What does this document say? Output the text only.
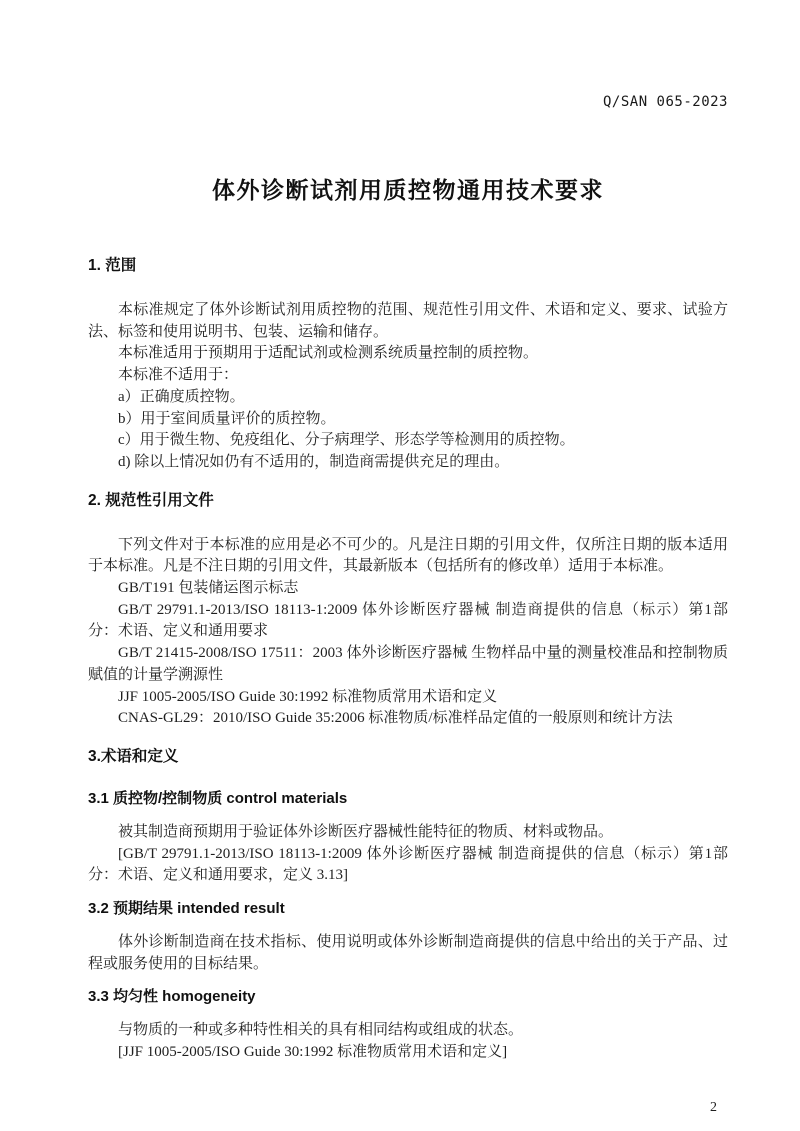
Q/SAN 065-2023
体外诊断试剂用质控物通用技术要求
1. 范围

本标准规定了体外诊断试剂用质控物的范围、规范性引用文件、术语和定义、要求、试验方法、标签和使用说明书、包装、运输和储存。

本标准适用于预期用于适配试剂或检测系统质量控制的质控物。

本标准不适用于：

a）正确度质控物。

b）用于室间质量评价的质控物。

c）用于微生物、免疫组化、分子病理学、形态学等检测用的质控物。

d) 除以上情况如仍有不适用的，制造商需提供充足的理由。

2. 规范性引用文件

下列文件对于本标准的应用是必不可少的。凡是注日期的引用文件，仅所注日期的版本适用于本标准。凡是不注日期的引用文件，其最新版本（包括所有的修改单）适用于本标准。

GB/T191 包装储运图示标志

GB/T 29791.1-2013/ISO 18113-1:2009 体外诊断医疗器械 制造商提供的信息（标示）第1部分：术语、定义和通用要求

GB/T 21415-2008/ISO 17511：2003 体外诊断医疗器械 生物样品中量的测量校准品和控制物质赋值的计量学溯源性

JJF 1005-2005/ISO Guide 30:1992 标准物质常用术语和定义

CNAS-GL29：2010/ISO Guide 35:2006 标准物质/标准样品定值的一般原则和统计方法

3.术语和定义
3.1 质控物/控制物质 control materials

被其制造商预期用于验证体外诊断医疗器械性能特征的物质、材料或物品。

[GB/T 29791.1-2013/ISO 18113-1:2009 体外诊断医疗器械 制造商提供的信息（标示）第1部分：术语、定义和通用要求，定义 3.13]

3.2 预期结果 intended result

体外诊断制造商在技术指标、使用说明或体外诊断制造商提供的信息中给出的关于产品、过程或服务使用的目标结果。

3.3 均匀性 homogeneity

与物质的一种或多种特性相关的具有相同结构或组成的状态。

[JJF 1005-2005/ISO Guide 30:1992 标准物质常用术语和定义]

2
